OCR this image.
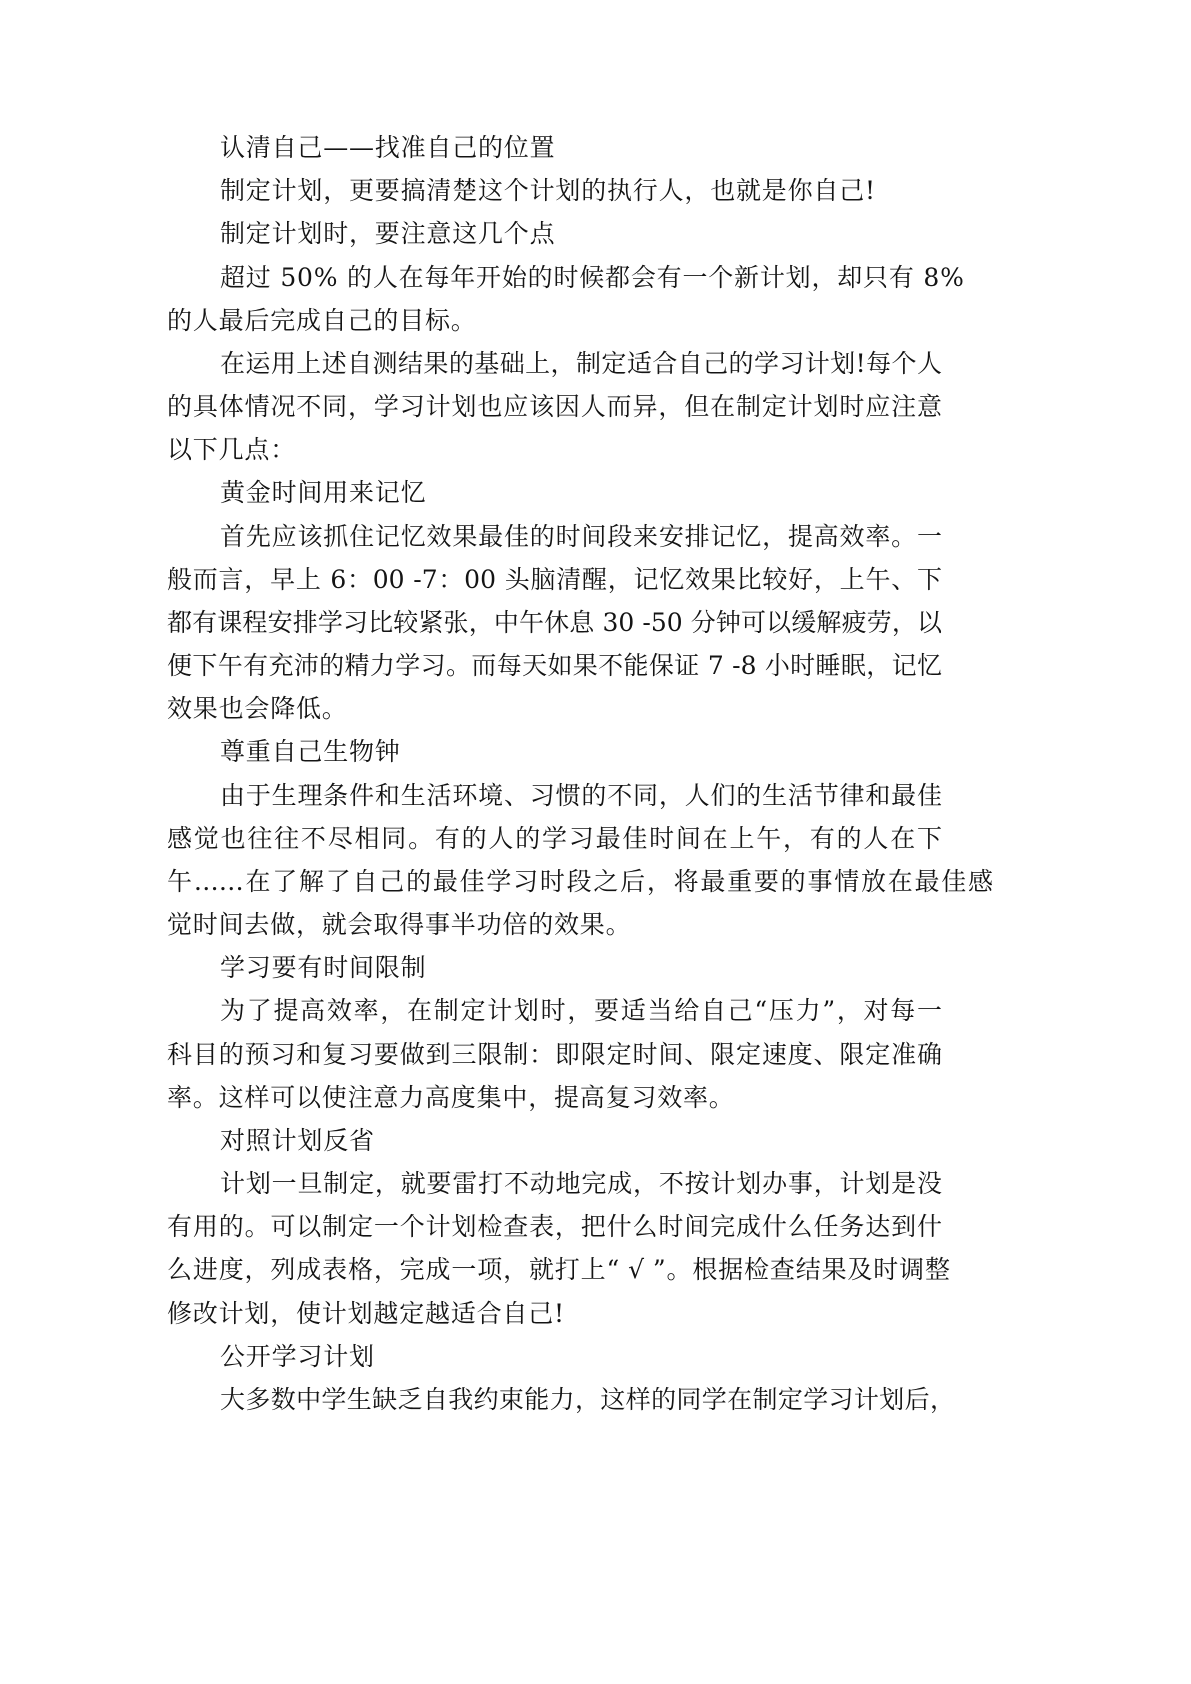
认清自己——找准自己的位置
制定计划，更要搞清楚这个计划的执行人，也就是你自己!
制定计划时，要注意这几个点
超过 50% 的人在每年开始的时候都会有一个新计划，却只有 8%
的人最后完成自己的目标。
在运用上述自测结果的基础上，制定适合自己的学习计划!每个人
的具体情况不同，学习计划也应该因人而异，但在制定计划时应注意
以下几点：
黄金时间用来记忆
首先应该抓住记忆效果最佳的时间段来安排记忆，提高效率。一
般而言，早上 6：00 -7：00 头脑清醒，记忆效果比较好，上午、下
都有课程安排学习比较紧张，中午休息 30 -50 分钟可以缓解疲劳，以
便下午有充沛的精力学习。而每天如果不能保证 7 -8 小时睡眠，记忆
效果也会降低。
尊重自己生物钟
由于生理条件和生活环境、习惯的不同，人们的生活节律和最佳
感觉也往往不尽相同。有的人的学习最佳时间在上午，有的人在下
午……在了解了自己的最佳学习时段之后，将最重要的事情放在最佳感
觉时间去做，就会取得事半功倍的效果。
学习要有时间限制
为了提高效率，在制定计划时，要适当给自己“压力”，对每一
科目的预习和复习要做到三限制：即限定时间、限定速度、限定准确
率。这样可以使注意力高度集中，提高复习效率。
对照计划反省
计划一旦制定，就要雷打不动地完成，不按计划办事，计划是没
有用的。可以制定一个计划检查表，把什么时间完成什么任务达到什
么进度，列成表格，完成一项，就打上“ √ ”。根据检查结果及时调整
修改计划，使计划越定越适合自己!
公开学习计划
大多数中学生缺乏自我约束能力，这样的同学在制定学习计划后，
